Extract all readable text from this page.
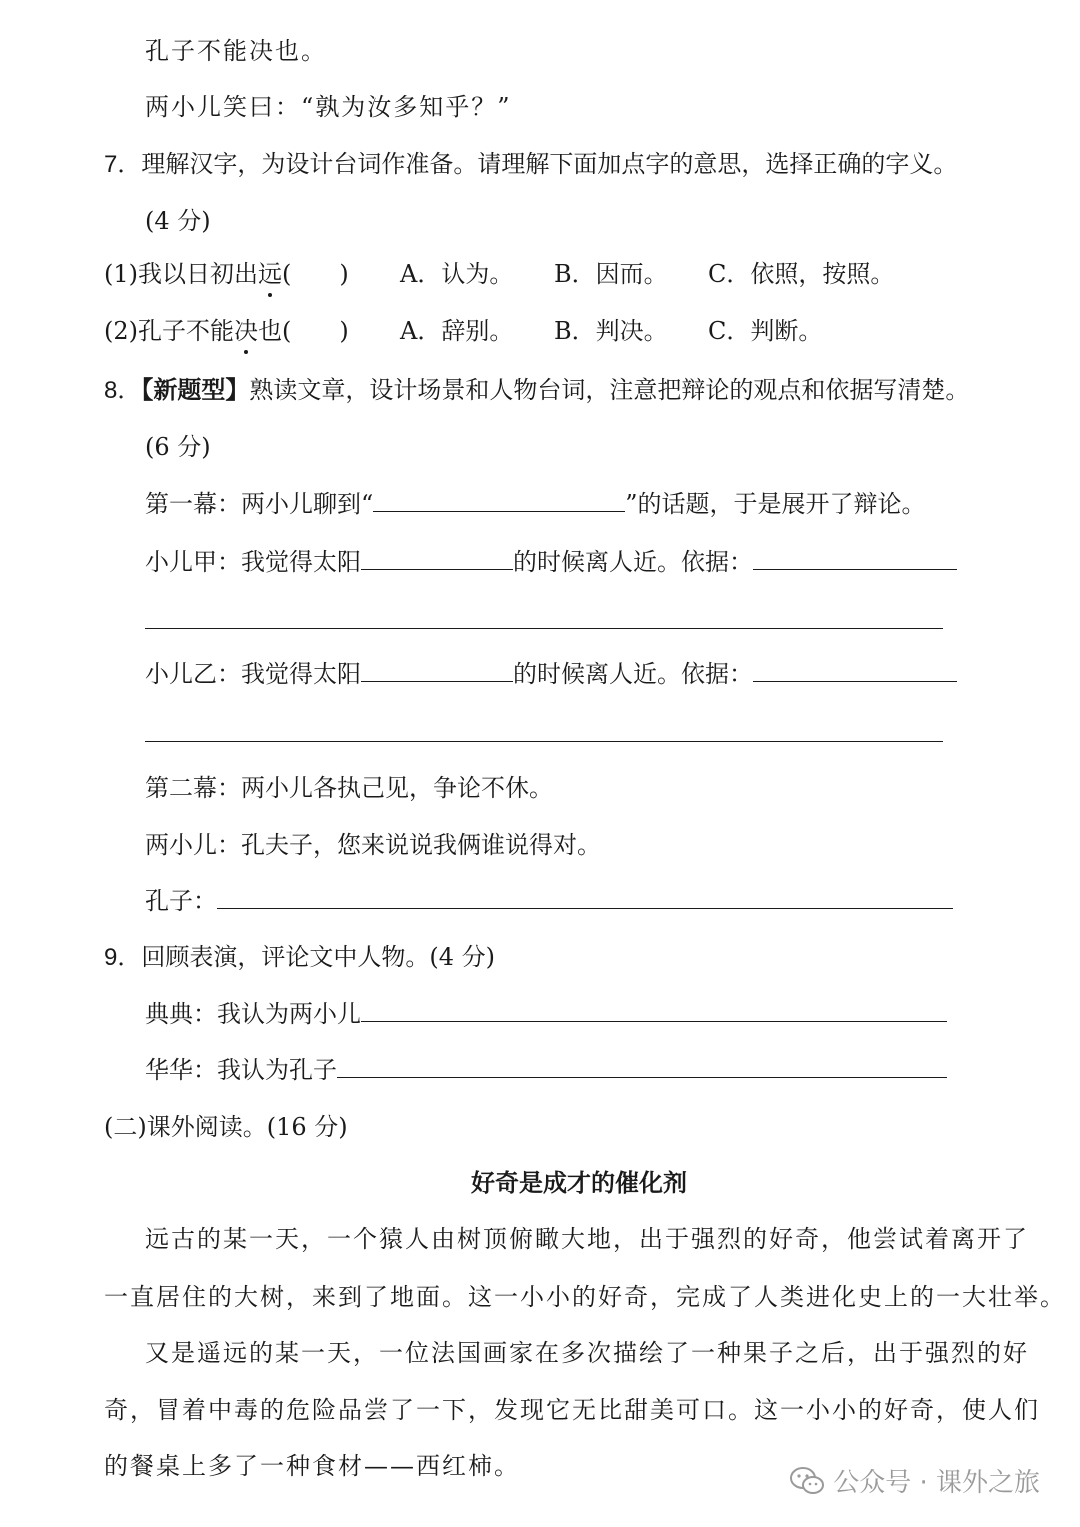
孔子不能决也。
两小儿笑曰：“孰为汝多知乎？”
7．理解汉字，为设计台词作准备。请理解下面加点字的意思，选择正确的字义。
(4 分)
(1)我以日初出远(　　) A．认为。 B．因而。 C．依照，按照。
(2)孔子不能决也(　　) A．辞别。 B．判决。 C．判断。
8．【新题型】熟读文章，设计场景和人物台词，注意把辩论的观点和依据写清楚。
(6 分)
第一幕：两小儿聊到“	”的话题，于是展开了辩论。
小儿甲：我觉得太阳	的时候离人近。依据：
小儿乙：我觉得太阳	的时候离人近。依据：
第二幕：两小儿各执己见，争论不休。
两小儿：孔夫子，您来说说我俩谁说得对。
孔子：
9．回顾表演，评论文中人物。(4 分)
典典：我认为两小儿
华华：我认为孔子
(二)课外阅读。(16 分)
好奇是成才的催化剂
远古的某一天，一个猿人由树顶俯瞰大地，出于强烈的好奇，他尝试着离开了
一直居住的大树，来到了地面。这一小小的好奇，完成了人类进化史上的一大壮举。
又是遥远的某一天，一位法国画家在多次描绘了一种果子之后，出于强烈的好
奇，冒着中毒的危险品尝了一下，发现它无比甜美可口。这一小小的好奇，使人们
的餐桌上多了一种食材——西红柿。
公众号 · 课外之旅
